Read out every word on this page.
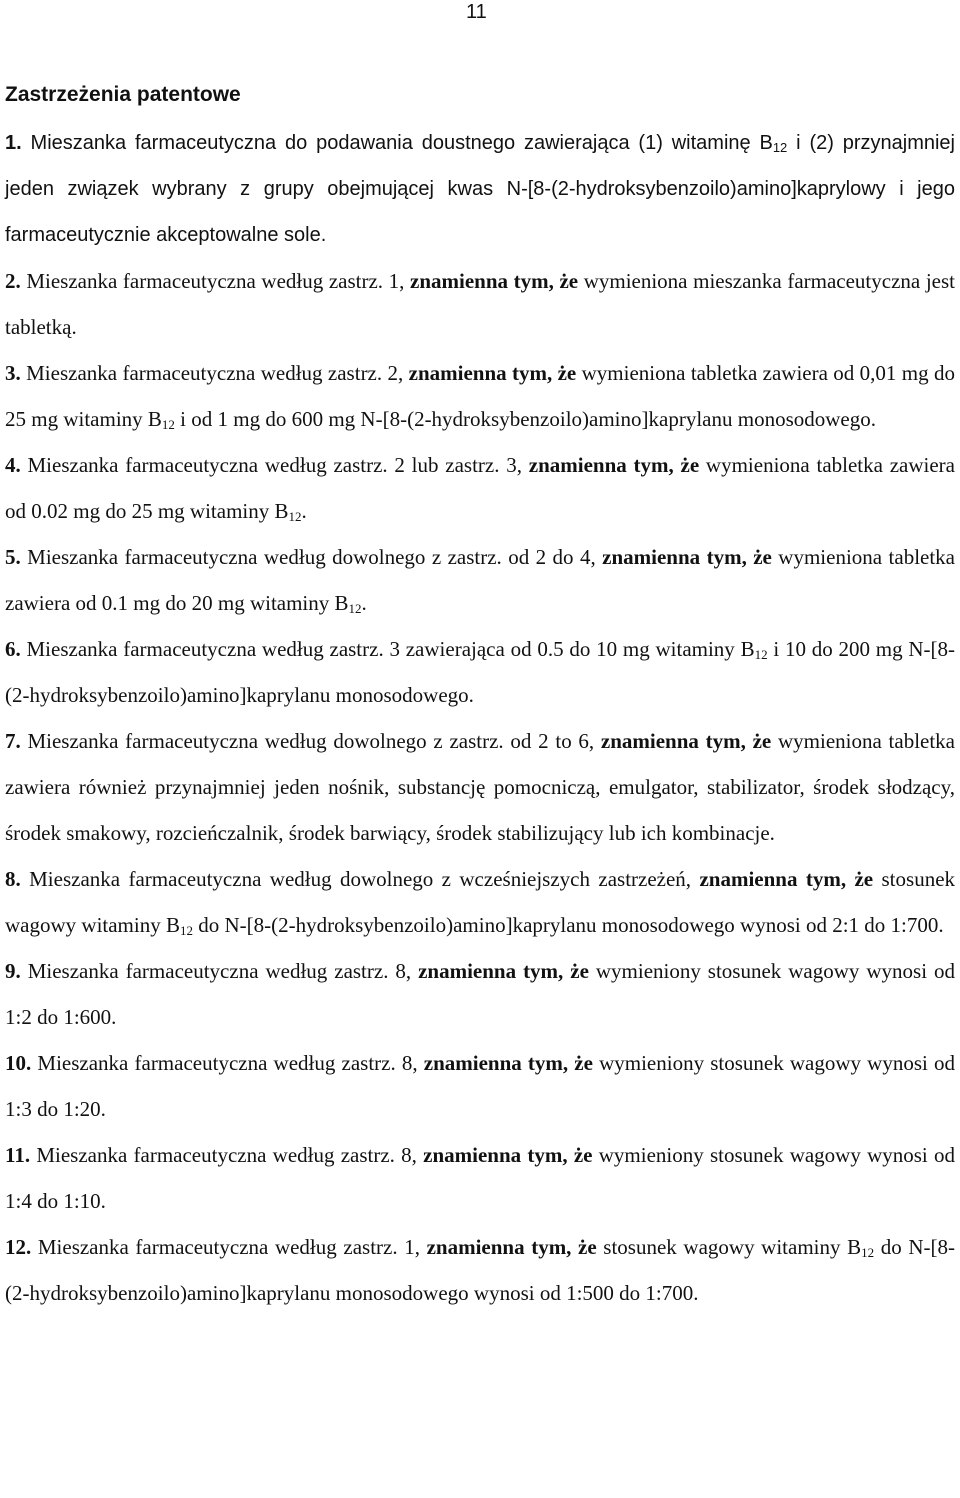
11
Zastrzeżenia patentowe

1. Mieszanka farmaceutyczna do podawania doustnego zawierająca (1) witaminę $B_{12}$ i (2) przynajmniej jeden związek wybrany z grupy obejmującej kwas N-[8-(2-hydroksybenzoilo)amino]kaprylowy i jego farmaceutycznie akceptowalne sole.

2. Mieszanka farmaceutyczna według zastrz. 1, znamienna tym, że wymieniona mieszanka farmaceutyczna jest tabletką.

3. Mieszanka farmaceutyczna według zastrz. 2, znamienna tym, że wymieniona tabletka zawiera od 0,01 mg do 25 mg witaminy $B_{12}$ i od 1 mg do 600 mg N-[8-(2-hydroksybenzoilo)amino]kaprylanu monosodowego.

4. Mieszanka farmaceutyczna według zastrz. 2 lub zastrz. 3, znamienna tym, że wymieniona tabletka zawiera od 0.02 mg do 25 mg witaminy $B_{12}$.

5. Mieszanka farmaceutyczna według dowolnego z zastrz. od 2 do 4, znamienna tym, że wymieniona tabletka zawiera od 0.1 mg do 20 mg witaminy $B_{12}$.

6. Mieszanka farmaceutyczna według zastrz. 3 zawierająca od 0.5 do 10 mg witaminy $B_{12}$ i 10 do 200 mg N-[8-(2-hydroksybenzoilo)amino]kaprylanu monosodowego.

7. Mieszanka farmaceutyczna według dowolnego z zastrz. od 2 to 6, znamienna tym, że wymieniona tabletka zawiera również przynajmniej jeden nośnik, substancję pomocniczą, emulgator, stabilizator, środek słodzący, środek smakowy, rozcieńczalnik, środek barwiący, środek stabilizujący lub ich kombinacje.

8. Mieszanka farmaceutyczna według dowolnego z wcześniejszych zastrzeżeń, znamienna tym, że stosunek wagowy witaminy $B_{12}$ do N-[8-(2-hydroksybenzoilo)amino]kaprylanu monosodowego wynosi od 2:1 do 1:700.

9. Mieszanka farmaceutyczna według zastrz. 8, znamienna tym, że wymieniony stosunek wagowy wynosi od 1:2 do 1:600.

10. Mieszanka farmaceutyczna według zastrz. 8, znamienna tym, że wymieniony stosunek wagowy wynosi od 1:3 do 1:20.

11. Mieszanka farmaceutyczna według zastrz. 8, znamienna tym, że wymieniony stosunek wagowy wynosi od 1:4 do 1:10.

12. Mieszanka farmaceutyczna według zastrz. 1, znamienna tym, że stosunek wagowy witaminy $B_{12}$ do N-[8-(2-hydroksybenzoilo)amino]kaprylanu monosodowego wynosi od 1:500 do 1:700.
